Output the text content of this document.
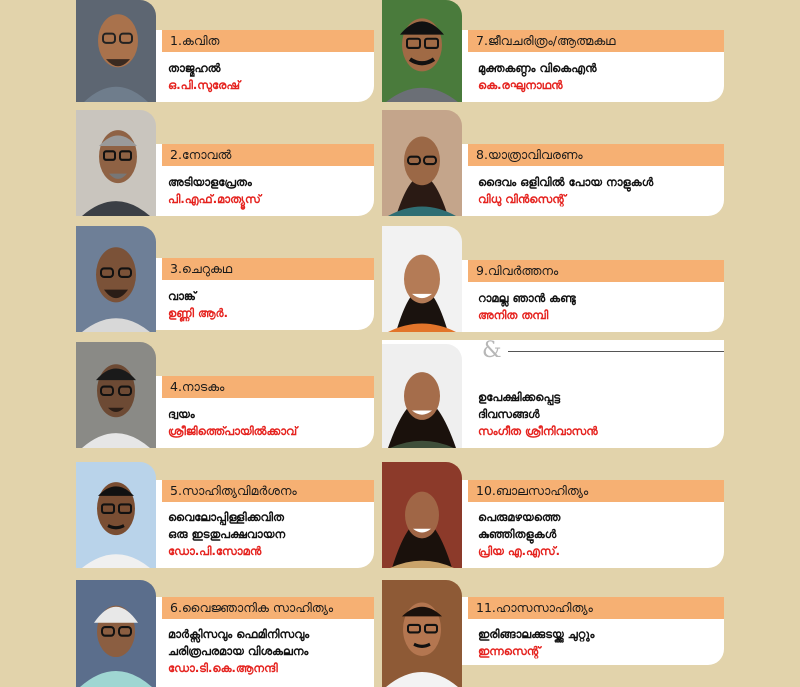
1.കവിത
താജ്മഹൽ
ഒ.പി.സുരേഷ്
2.നോവൽ
അടിയാളപ്രേതം
പി.എഫ്.മാത്യൂസ്
3.ചെറുകഥ
വാങ്ക്
ഉണ്ണി ആർ.
4.നാടകം
ദ്വയം
ശ്രീജിത്ത്പൊയിൽക്കാവ്
5.സാഹിത്യവിമർശനം
വൈലോപ്പിള്ളിക്കവിത
ഒരു ഇടതുപക്ഷവായന
ഡോ.പി.സോമൻ
6.വൈജ്ഞാനിക സാഹിത്യം
മാർക്സിസവും ഫെമിനിസവും
ചരിത്രപരമായ വിശകലനം
ഡോ.ടി.കെ.ആനന്ദി
7.ജീവചരിത്രം/ആത്മകഥ
മുക്തകണ്ഠം വികെഎൻ
കെ.രഘുനാഥൻ
8.യാത്രാവിവരണം
ദൈവം ഒളിവിൽ പോയ നാളുകൾ
വിധു വിൻസെന്റ്
9.വിവർത്തനം
റാമല്ല ഞാൻ കണ്ടു
അനിത തമ്പി
&
ഉപേക്ഷിക്കപ്പെട്ട
ദിവസങ്ങൾ
സംഗീത ശ്രീനിവാസൻ
10.ബാലസാഹിത്യം
പെരുമഴയത്തെ
കുഞ്ഞിതളുകൾ
പ്രിയ എ.എസ്.
11.ഹാസസാഹിത്യം
ഇരിങ്ങാലക്കുടയ്ക്കു ചുറ്റും
ഇന്നസെന്റ്
